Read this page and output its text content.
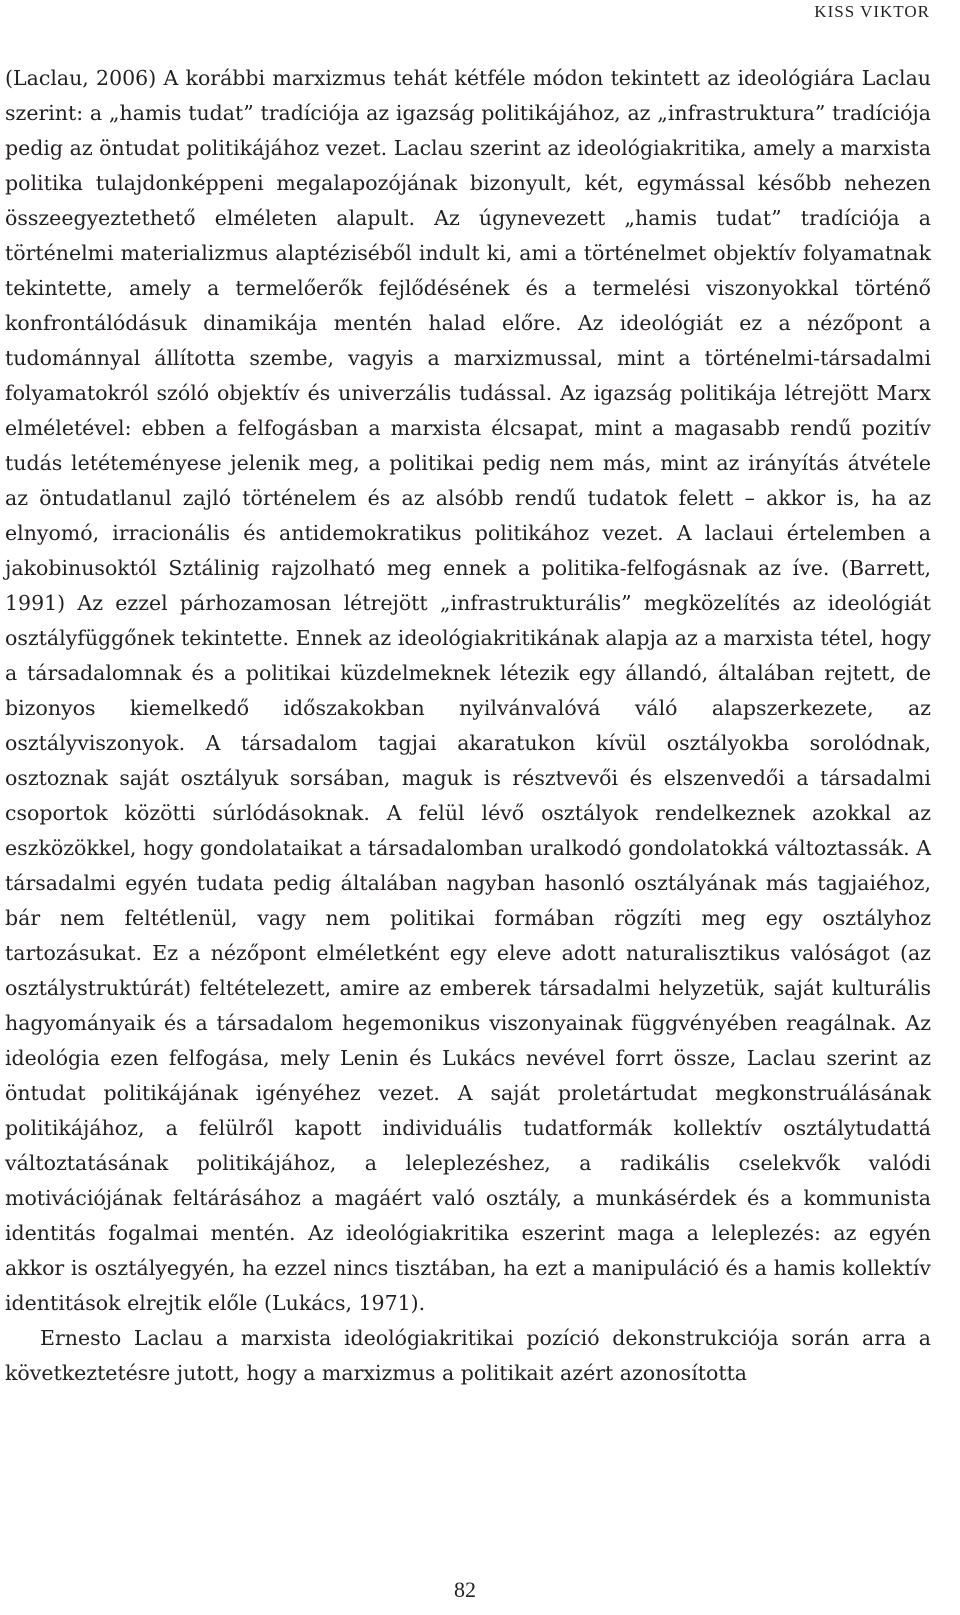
KISS VIKTOR

(Laclau, 2006) A korábbi marxizmus tehát kétféle módon tekintett az ideológiára Laclau szerint: a „hamis tudat” tradíciója az igazság politikájához, az „infrastruktura” tradíciója pedig az öntudat politikájához vezet. Laclau szerint az ideológiakritika, amely a marxista politika tulajdonképpeni megalapozójának bizonyult, két, egymással később nehezen összeegyeztethető elméleten alapult. Az úgynevezett „hamis tudat” tradíciója a történelmi materializmus alaptéziséből indult ki, ami a történelmet objektív folyamatnak tekintette, amely a termelőerők fejlődésének és a termelési viszonyokkal történő konfrontálódásuk dinamikája mentén halad előre. Az ideológiát ez a nézőpont a tudománnyal állította szembe, vagyis a marxizmussal, mint a történelmi-társadalmi folyamatokról szóló objektív és univerzális tudással. Az igazság politikája létrejött Marx elméletével: ebben a felfogásban a marxista élcsapat, mint a magasabb rendű pozitív tudás letéteményese jelenik meg, a politikai pedig nem más, mint az irányítás átvétele az öntudatlanul zajló történelem és az alsóbb rendű tudatok felett – akkor is, ha az elnyomó, irracionális és antidemokratikus politikához vezet. A laclaui értelemben a jakobinusoktól Sztálinig rajzolható meg ennek a politika-felfogásnak az íve. (Barrett, 1991) Az ezzel párhozamosan létrejött „infrastrukturális” megközelítés az ideológiát osztályfüggőnek tekintette. Ennek az ideológiakritikának alapja az a marxista tétel, hogy a társadalomnak és a politikai küzdelmeknek létezik egy állandó, általában rejtett, de bizonyos kiemelkedő időszakokban nyilvánvalóvá váló alapszerkezete, az osztályviszonyok. A társadalom tagjai akaratukon kívül osztályokba sorolódnak, osztoznak saját osztályuk sorsában, maguk is résztvevői és elszenvedői a társadalmi csoportok közötti súrlódásoknak. A felül lévő osztályok rendelkeznek azokkal az eszközökkel, hogy gondolataikat a társadalomban uralkodó gondolatokká változtassák. A társadalmi egyén tudata pedig általában nagyban hasonló osztályának más tagjaiéhoz, bár nem feltétlenül, vagy nem politikai formában rögzíti meg egy osztályhoz tartozásukat. Ez a nézőpont elméletként egy eleve adott naturalisztikus valóságot (az osztálystruktúrát) feltételezett, amire az emberek társadalmi helyzetük, saját kulturális hagyományaik és a társadalom hegemonikus viszonyainak függvényében reagálnak. Az ideológia ezen felfogása, mely Lenin és Lukács nevével forrt össze, Laclau szerint az öntudat politikájának igényéhez vezet. A saját proletártudat megkonstruálásának politikájához, a felülről kapott individuális tudatformák kollektív osztálytudattá változtatásának politikájához, a leleplezéshez, a radikális cselekvők valódi motivációjának feltárásához a magáért való osztály, a munkásérdek és a kommunista identitás fogalmai mentén. Az ideológiakritika eszerint maga a leleplezés: az egyén akkor is osztályegyén, ha ezzel nincs tisztában, ha ezt a manipuláció és a hamis kollektív identitások elrejtik előle (Lukács, 1971).

Ernesto Laclau a marxista ideológiakritikai pozíció dekonstrukciója során arra a következtetésre jutott, hogy a marxizmus a politikait azért azonosította

82
